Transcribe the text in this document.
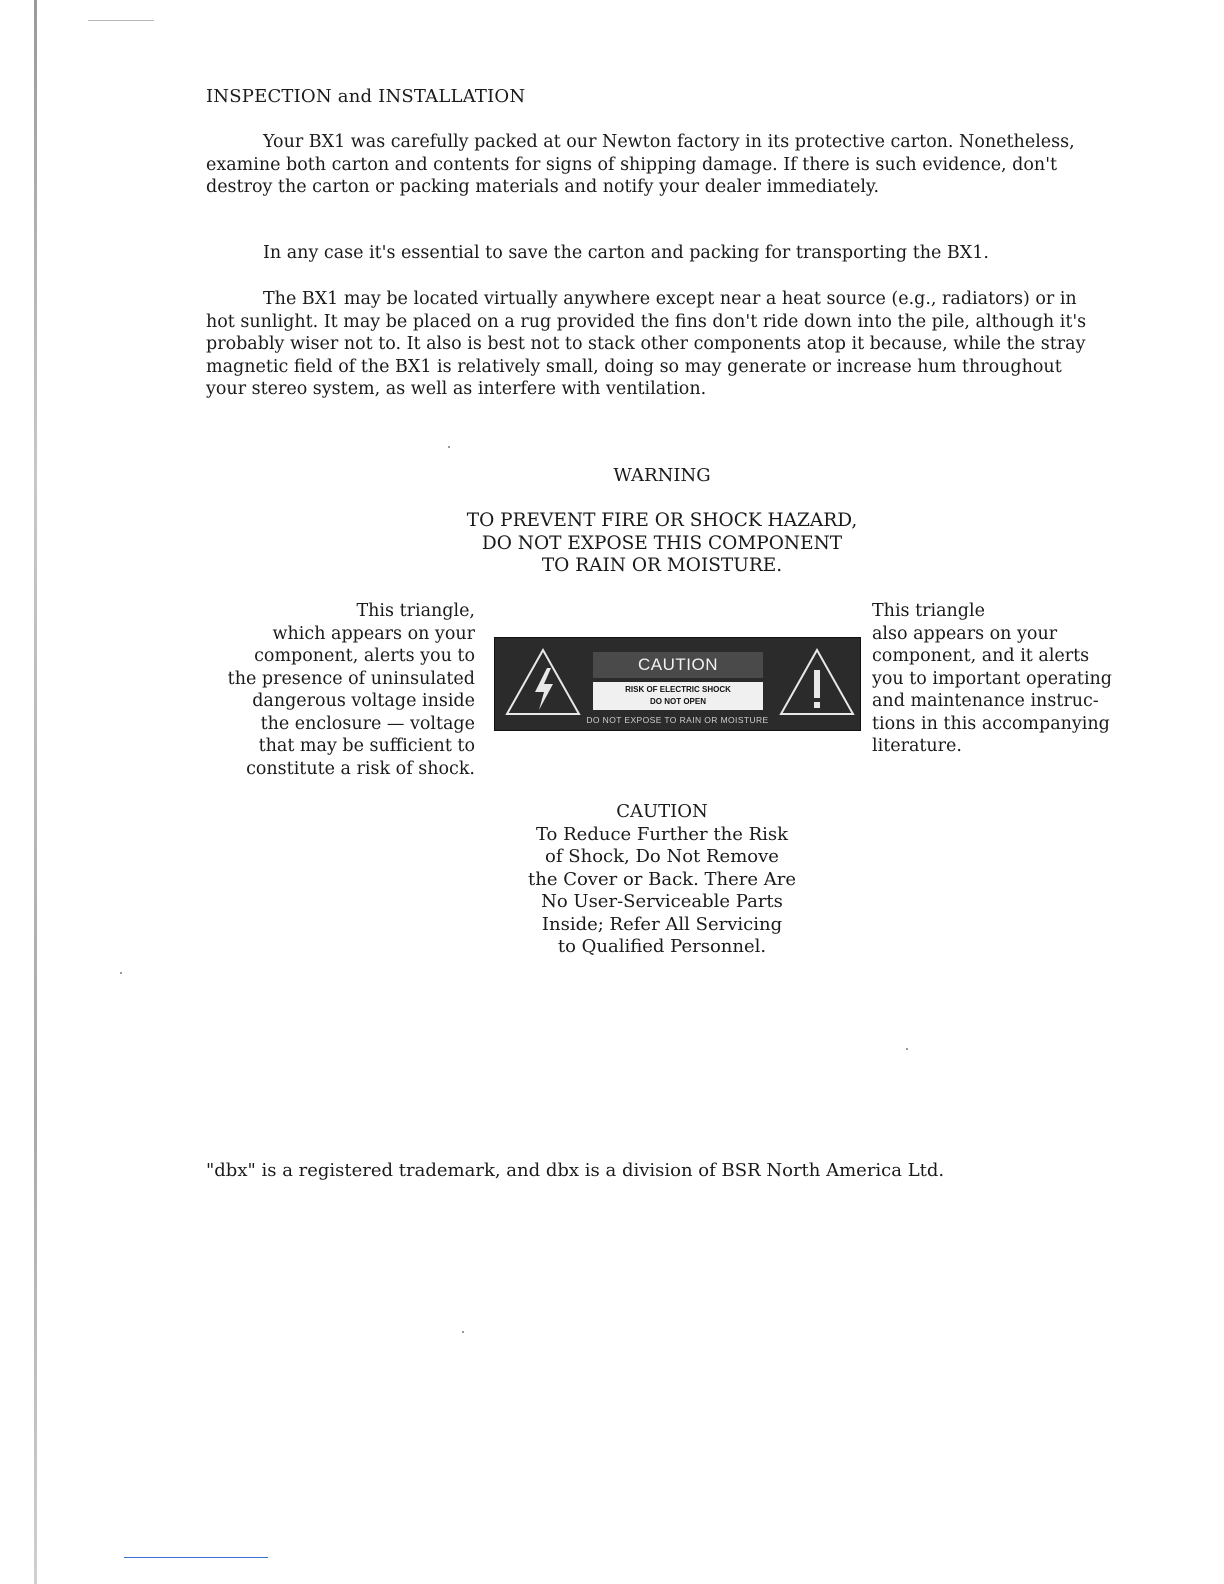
INSPECTION and INSTALLATION

Your BX1 was carefully packed at our Newton factory in its protective carton. Nonetheless, examine both carton and contents for signs of shipping damage. If there is such evidence, don't destroy the carton or packing materials and notify your dealer immediately.

In any case it's essential to save the carton and packing for transporting the BX1.

The BX1 may be located virtually anywhere except near a heat source (e.g., radiators) or in hot sunlight. It may be placed on a rug provided the fins don't ride down into the pile, although it's probably wiser not to. It also is best not to stack other components atop it because, while the stray magnetic field of the BX1 is relatively small, doing so may generate or increase hum throughout your stereo system, as well as interfere with ventilation.

WARNING
TO PREVENT FIRE OR SHOCK HAZARD,
DO NOT EXPOSE THIS COMPONENT
TO RAIN OR MOISTURE.
This triangle,
which appears on your
component, alerts you to
the presence of uninsulated
dangerous voltage inside
the enclosure — voltage
that may be sufficient to
constitute a risk of shock.
CAUTION
RISK OF ELECTRIC SHOCK
DO NOT OPEN
DO NOT EXPOSE TO RAIN OR MOISTURE
This triangle
also appears on your
component, and it alerts
you to important operating
and maintenance instruc-
tions in this accompanying
literature.
CAUTION
To Reduce Further the Risk
of Shock, Do Not Remove
the Cover or Back. There Are
No User-Serviceable Parts
Inside; Refer All Servicing
to Qualified Personnel.

"dbx" is a registered trademark, and dbx is a division of BSR North America Ltd.
